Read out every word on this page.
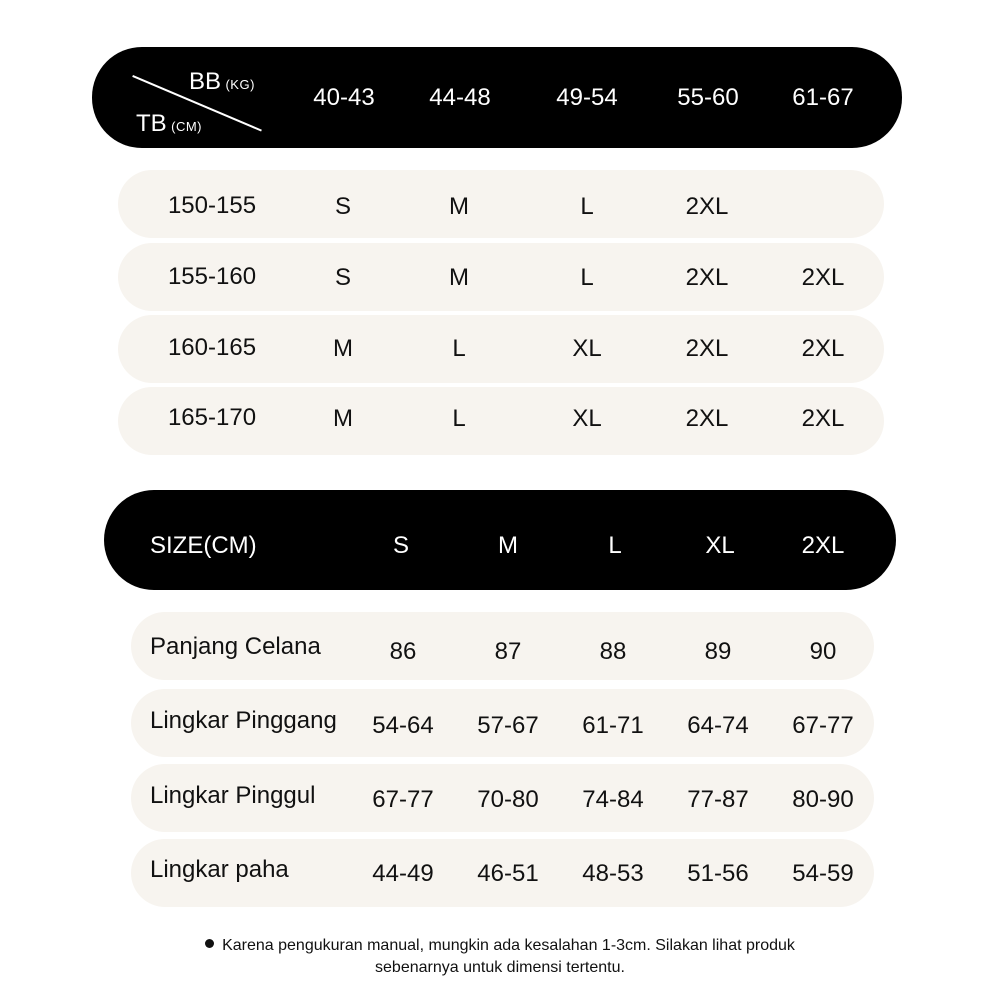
BB (KG)
TB (CM)
40-43 44-48	49-54 55-60 61-67
150-155	S	M	L	2XL
155-160	S	M	L	2XL	2XL
160-165	M	L	XL	2XL	2XL
165-170	M	L	XL	2XL	2XL
SIZE(CM)	S	M	L	XL	2XL
Panjang Celana	86	87	88	89	90
Lingkar Pinggang 54-64 57-67 61-71 64-74 67-77
Lingkar Pinggul 67-77 70-80 74-84 77-87 80-90
Lingkar paha	44-49 46-51 48-53 51-56 54-59
Karena pengukuran manual, mungkin ada kesalahan 1-3cm. Silakan lihat produk
sebenarnya untuk dimensi tertentu.
